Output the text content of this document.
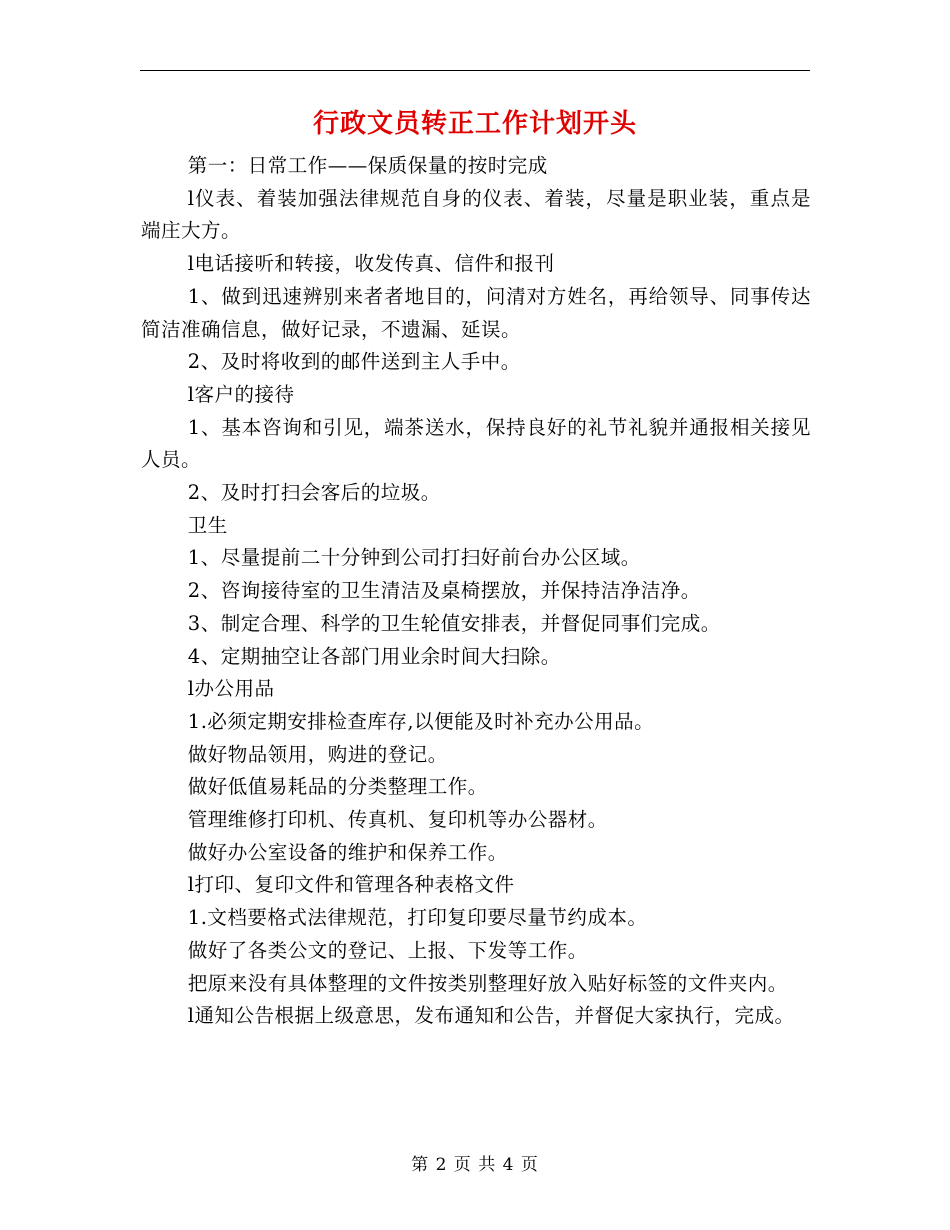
行政文员转正工作计划开头

第一：日常工作——保质保量的按时完成

l仪表、着装加强法律规范自身的仪表、着装，尽量是职业装，重点是端庄大方。

l电话接听和转接，收发传真、信件和报刊

1、做到迅速辨别来者者地目的，问清对方姓名，再给领导、同事传达简洁准确信息，做好记录，不遗漏、延误。

2、及时将收到的邮件送到主人手中。

l客户的接待

1、基本咨询和引见，端茶送水，保持良好的礼节礼貌并通报相关接见人员。

2、及时打扫会客后的垃圾。

卫生

1、尽量提前二十分钟到公司打扫好前台办公区域。

2、咨询接待室的卫生清洁及桌椅摆放，并保持洁净洁净。

3、制定合理、科学的卫生轮值安排表，并督促同事们完成。

4、定期抽空让各部门用业余时间大扫除。

l办公用品

1.必须定期安排检查库存,以便能及时补充办公用品。

做好物品领用，购进的登记。

做好低值易耗品的分类整理工作。

管理维修打印机、传真机、复印机等办公器材。

做好办公室设备的维护和保养工作。

l打印、复印文件和管理各种表格文件

1.文档要格式法律规范，打印复印要尽量节约成本。

做好了各类公文的登记、上报、下发等工作。

把原来没有具体整理的文件按类别整理好放入贴好标签的文件夹内。

l通知公告根据上级意思，发布通知和公告，并督促大家执行，完成。

第 2 页 共 4 页
